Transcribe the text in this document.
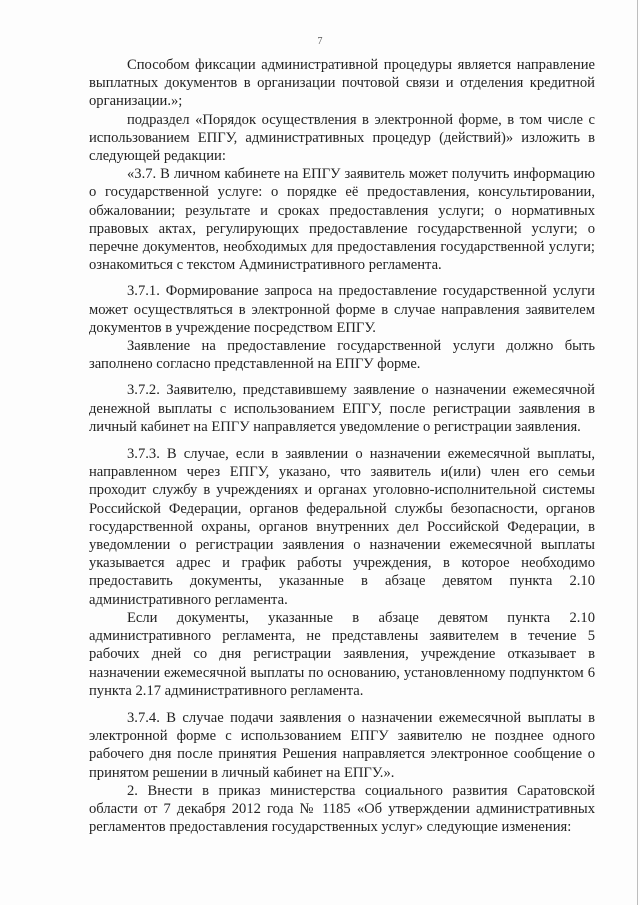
7

Способом фиксации административной процедуры является направление выплатных документов в организации почтовой связи и отделения кредитной организации.»;

подраздел «Порядок осуществления в электронной форме, в том числе с использованием ЕПГУ, административных процедур (действий)» изложить в следующей редакции:

«3.7. В личном кабинете на ЕПГУ заявитель может получить информацию о государственной услуге: о порядке её предоставления, консультировании, обжаловании; результате и сроках предоставления услуги; о нормативных правовых актах, регулирующих предоставление государственной услуги; о перечне документов, необходимых для предоставления государственной услуги; ознакомиться с текстом Административного регламента.

3.7.1. Формирование запроса на предоставление государственной услуги может осуществляться в электронной форме в случае направления заявителем документов в учреждение посредством ЕПГУ.

Заявление на предоставление государственной услуги должно быть заполнено согласно представленной на ЕПГУ форме.

3.7.2. Заявителю, представившему заявление о назначении ежемесячной денежной выплаты с использованием ЕПГУ, после регистрации заявления в личный кабинет на ЕПГУ направляется уведомление о регистрации заявления.

3.7.3. В случае, если в заявлении о назначении ежемесячной выплаты, направленном через ЕПГУ, указано, что заявитель и(или) член его семьи проходит службу в учреждениях и органах уголовно-исполнительной системы Российской Федерации, органов федеральной службы безопасности, органов государственной охраны, органов внутренних дел Российской Федерации, в уведомлении о регистрации заявления о назначении ежемесячной выплаты указывается адрес и график работы учреждения, в которое необходимо предоставить документы, указанные в абзаце девятом пункта 2.10 административного регламента.

Если документы, указанные в абзаце девятом пункта 2.10 административного регламента, не представлены заявителем в течение 5 рабочих дней со дня регистрации заявления, учреждение отказывает в назначении ежемесячной выплаты по основанию, установленному подпунктом 6 пункта 2.17 административного регламента.

3.7.4. В случае подачи заявления о назначении ежемесячной выплаты в электронной форме с использованием ЕПГУ заявителю не позднее одного рабочего дня после принятия Решения направляется электронное сообщение о принятом решении в личный кабинет на ЕПГУ.».

2. Внести в приказ министерства социального развития Саратовской области от 7 декабря 2012 года № 1185 «Об утверждении административных регламентов предоставления государственных услуг» следующие изменения:
